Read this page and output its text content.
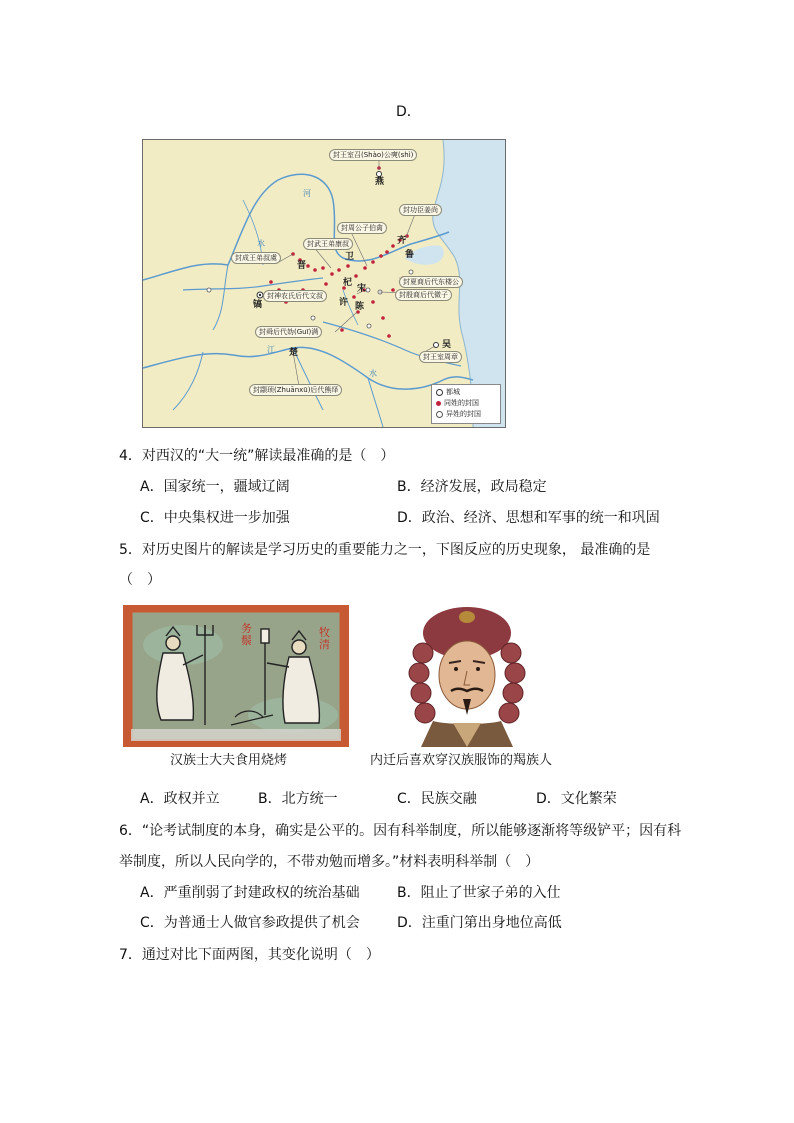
D．
封王室召(Shào)公奭(shì)
封功臣姜尚
封周公子伯禽
封武王弟康叔
封成王弟叔虞
封夏商后代东楼公
封神农氏后代文叔	封殷商后代微子
封舜后代妫(Guī)满
封王室周章
封颛顼(Zhuānxū)后代熊绎
燕
齐
鲁
卫
晋
杞
宋
许 陈
镐
楚
吴
河
水
江
水
都城
同姓的封国
异姓的封国
4．对西汉的“大一统”解读最准确的是（　）
A．国家统一，疆域辽阔	B．经济发展，政局稳定
C．中央集权进一步加强	D．政治、经济、思想和军事的统一和巩固
5．对历史图片的解读是学习历史的重要能力之一，下图反应的历史现象， 最准确的是
（　）
务
鬃
牧
清
汉族士大夫食用烧烤	内迁后喜欢穿汉族服饰的羯族人
A．政权并立	B．北方统一	C．民族交融	D．文化繁荣
6．“论考试制度的本身，确实是公平的。因有科举制度，所以能够逐渐将等级铲平；因有科
举制度，所以人民向学的，不带劝勉而增多。”材料表明科举制（　）
A．严重削弱了封建政权的统治基础	B．阻止了世家子弟的入仕
C．为普通士人做官参政提供了机会	D．注重门第出身地位高低
7．通过对比下面两图，其变化说明（　）
